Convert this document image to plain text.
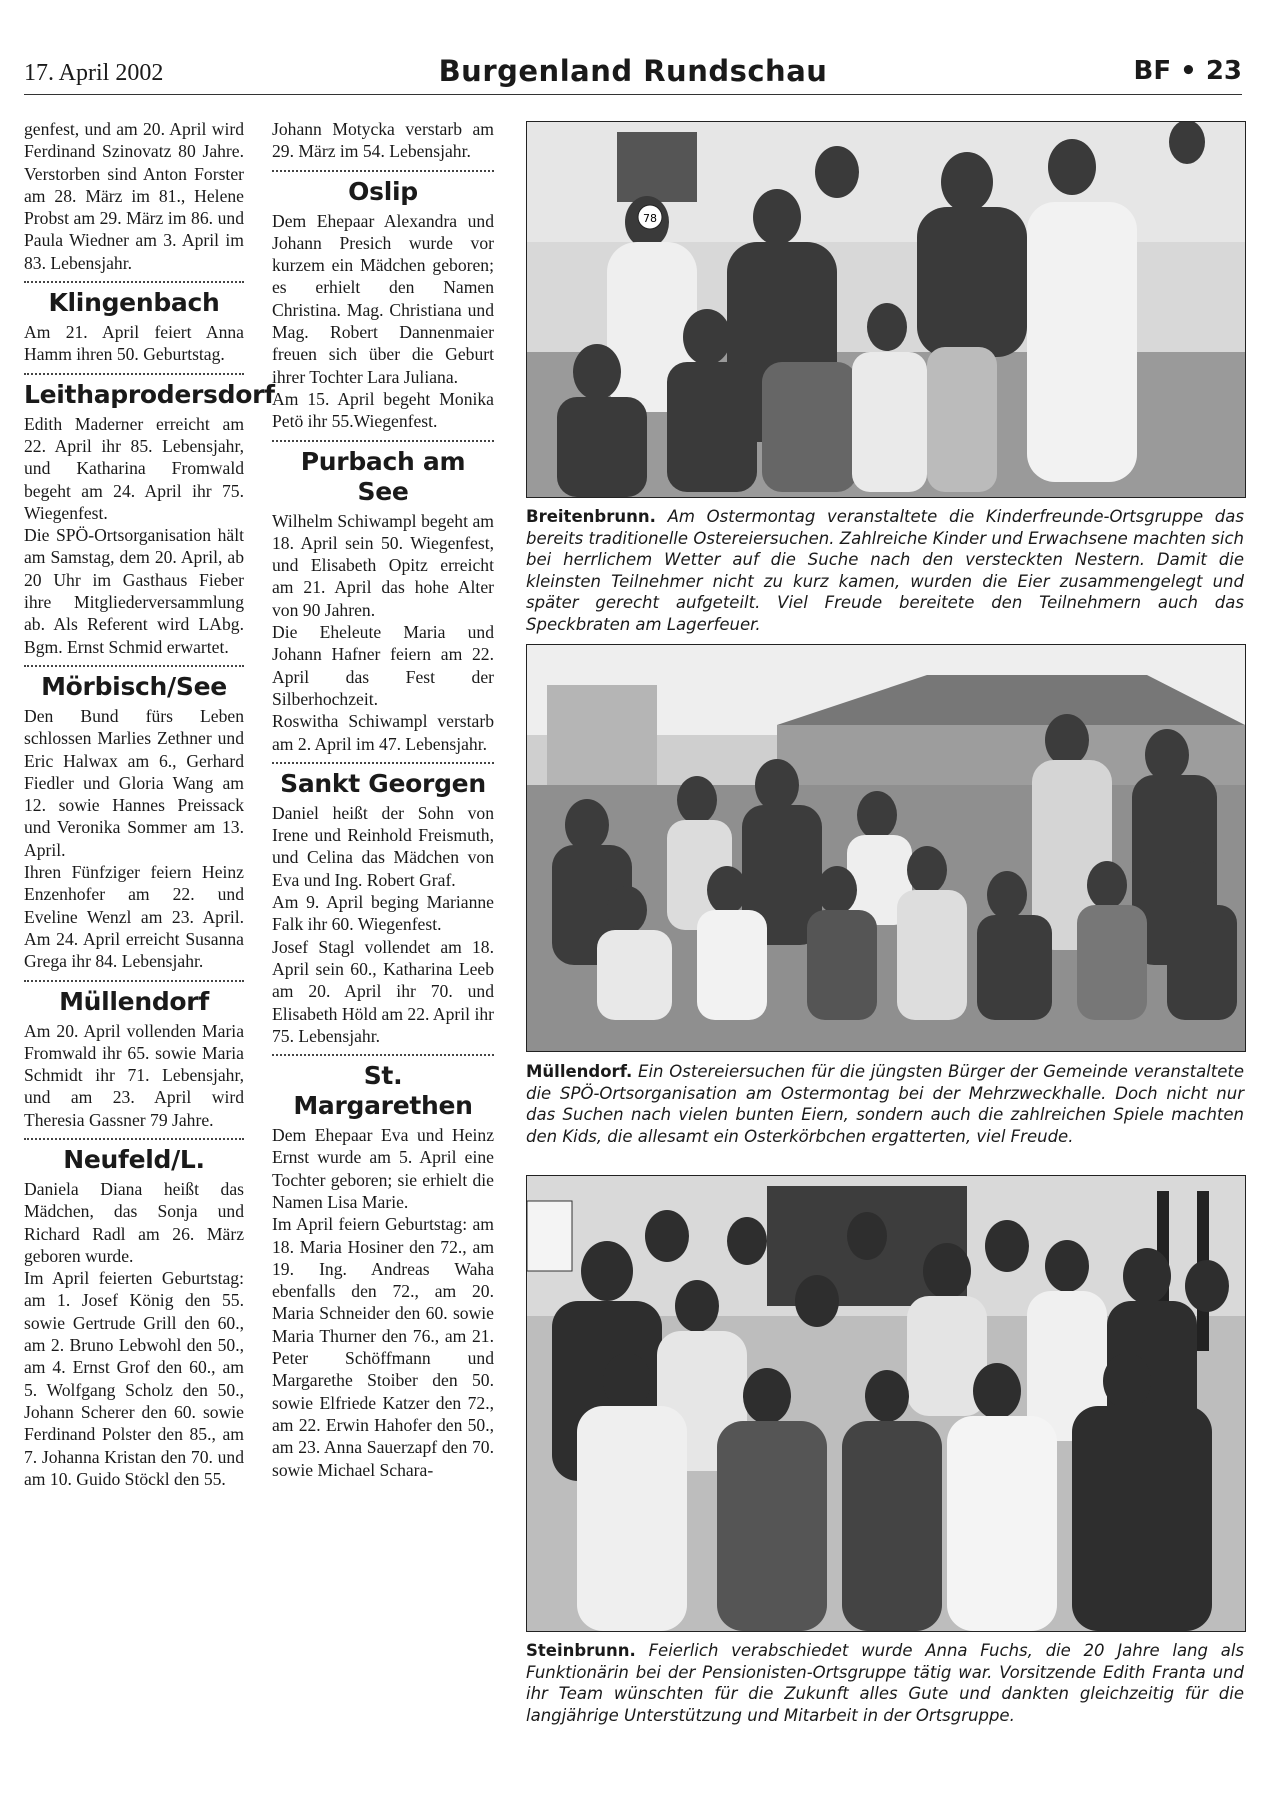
17. April 2002	Burgenland Rundschau	BF • 23

genfest, und am 20. April wird Ferdinand Szinovatz 80 Jahre. Verstorben sind Anton Forster am 28. März im 81., Helene Probst am 29. März im 86. und Paula Wiedner am 3. April im 83. Lebensjahr.

Klingenbach

Am 21. April feiert Anna Hamm ihren 50. Geburtstag.

Leithaprodersdorf

Edith Maderner erreicht am 22. April ihr 85. Lebensjahr, und Katharina Fromwald begeht am 24. April ihr 75. Wiegenfest.

Die SPÖ-Ortsorganisation hält am Samstag, dem 20. April, ab 20 Uhr im Gasthaus Fieber ihre Mitgliederversammlung ab. Als Referent wird LAbg. Bgm. Ernst Schmid erwartet.

Mörbisch/See

Den Bund fürs Leben schlossen Marlies Zethner und Eric Halwax am 6., Gerhard Fiedler und Gloria Wang am 12. sowie Hannes Preissack und Veronika Sommer am 13. April.

Ihren Fünfziger feiern Heinz Enzenhofer am 22. und Eveline Wenzl am 23. April. Am 24. April erreicht Susanna Grega ihr 84. Lebensjahr.

Müllendorf

Am 20. April vollenden Maria Fromwald ihr 65. sowie Maria Schmidt ihr 71. Lebensjahr, und am 23. April wird Theresia Gassner 79 Jahre.

Neufeld/L.

Daniela Diana heißt das Mädchen, das Sonja und Richard Radl am 26. März geboren wurde.

Im April feierten Geburtstag: am 1. Josef König den 55. sowie Gertrude Grill den 60., am 2. Bruno Lebwohl den 50., am 4. Ernst Grof den 60., am 5. Wolfgang Scholz den 50., Johann Scherer den 60. sowie Ferdinand Polster den 85., am 7. Johanna Kristan den 70. und am 10. Guido Stöckl den 55.

Johann Motycka verstarb am 29. März im 54. Lebensjahr.

Oslip

Dem Ehepaar Alexandra und Johann Presich wurde vor kurzem ein Mädchen geboren; es erhielt den Namen Christina. Mag. Christiana und Mag. Robert Dannenmaier freuen sich über die Geburt ihrer Tochter Lara Juliana.

Am 15. April begeht Monika Petö ihr 55.Wiegenfest.

Purbach am See

Wilhelm Schiwampl begeht am 18. April sein 50. Wiegenfest, und Elisabeth Opitz erreicht am 21. April das hohe Alter von 90 Jahren.

Die Eheleute Maria und Johann Hafner feiern am 22. April das Fest der Silberhochzeit.

Roswitha Schiwampl verstarb am 2. April im 47. Lebensjahr.

Sankt Georgen

Daniel heißt der Sohn von Irene und Reinhold Freismuth, und Celina das Mädchen von Eva und Ing. Robert Graf.

Am 9. April beging Marianne Falk ihr 60. Wiegenfest.

Josef Stagl vollendet am 18. April sein 60., Katharina Leeb am 20. April ihr 70. und Elisabeth Höld am 22. April ihr 75. Lebensjahr.

St. Margarethen

Dem Ehepaar Eva und Heinz Ernst wurde am 5. April eine Tochter geboren; sie erhielt die Namen Lisa Marie.

Im April feiern Geburtstag: am 18. Maria Hosiner den 72., am 19. Ing. Andreas Waha ebenfalls den 72., am 20. Maria Schneider den 60. sowie Maria Thurner den 76., am 21. Peter Schöffmann und Margarethe Stoiber den 50. sowie Elfriede Katzer den 72., am 22. Erwin Hahofer den 50., am 23. Anna Sauerzapf den 70. sowie Michael Schara-

78
Breitenbrunn. Am Ostermontag veranstaltete die Kinderfreunde-Ortsgruppe das bereits traditionelle Ostereiersuchen. Zahlreiche Kinder und Erwachsene machten sich bei herrlichem Wetter auf die Suche nach den versteckten Nestern. Damit die kleinsten Teilnehmer nicht zu kurz kamen, wurden die Eier zusammengelegt und später gerecht aufgeteilt. Viel Freude bereitete den Teilnehmern auch das Speckbraten am Lagerfeuer.
Müllendorf. Ein Ostereiersuchen für die jüngsten Bürger der Gemeinde veranstaltete die SPÖ-Ortsorganisation am Ostermontag bei der Mehrzweckhalle. Doch nicht nur das Suchen nach vielen bunten Eiern, sondern auch die zahlreichen Spiele machten den Kids, die allesamt ein Osterkörbchen ergatterten, viel Freude.
Steinbrunn. Feierlich verabschiedet wurde Anna Fuchs, die 20 Jahre lang als Funktionärin bei der Pensionisten-Ortsgruppe tätig war. Vorsitzende Edith Franta und ihr Team wünschten für die Zukunft alles Gute und dankten gleichzeitig für die langjährige Unterstützung und Mitarbeit in der Ortsgruppe.
